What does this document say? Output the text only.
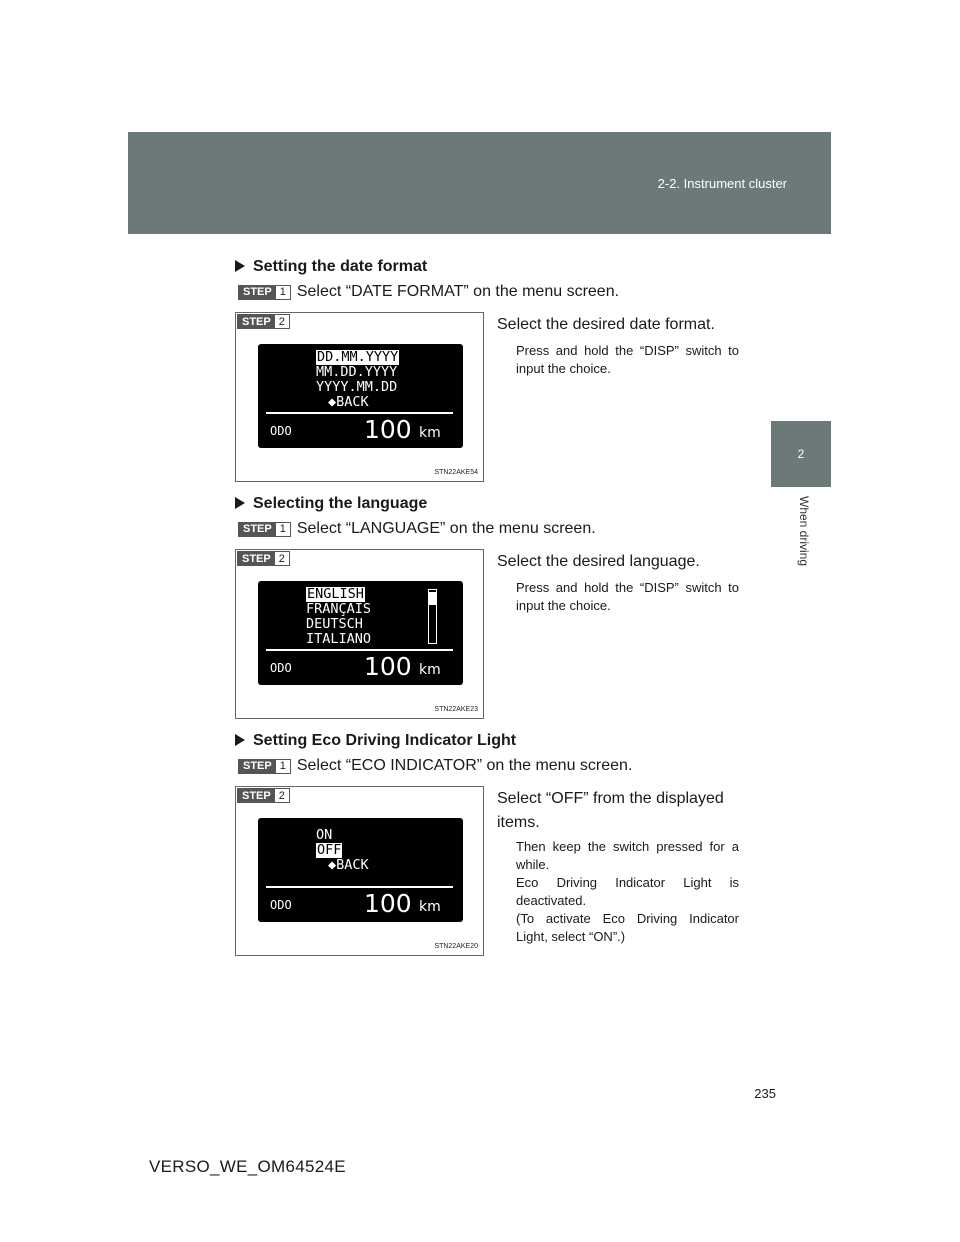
2-2. Instrument cluster
2
When driving
Setting the date format
STEP 1 Select “DATE FORMAT” on the menu screen.
STEP 2
DD.MM.YYYY
MM.DD.YYYY
YYYY.MM.DD
◆BACK
ODO	100 km
STN22AKE54
Select the desired date format.
Press and hold the “DISP” switch to input the choice.
Selecting the language
STEP 1 Select “LANGUAGE” on the menu screen.
STEP 2
ENGLISH
FRANÇAIS
DEUTSCH
ITALIANO
ODO	100 km
STN22AKE23
Select the desired language.
Press and hold the “DISP” switch to input the choice.
Setting Eco Driving Indicator Light
STEP 1 Select “ECO INDICATOR” on the menu screen.
STEP 2
ON
OFF
◆BACK
ODO	100 km
STN22AKE20
Select “OFF” from the displayed items.
Then keep the switch pressed for a while.
Eco Driving Indicator Light is deactivated.
(To activate Eco Driving Indicator Light, select “ON”.)
235
VERSO_WE_OM64524E
